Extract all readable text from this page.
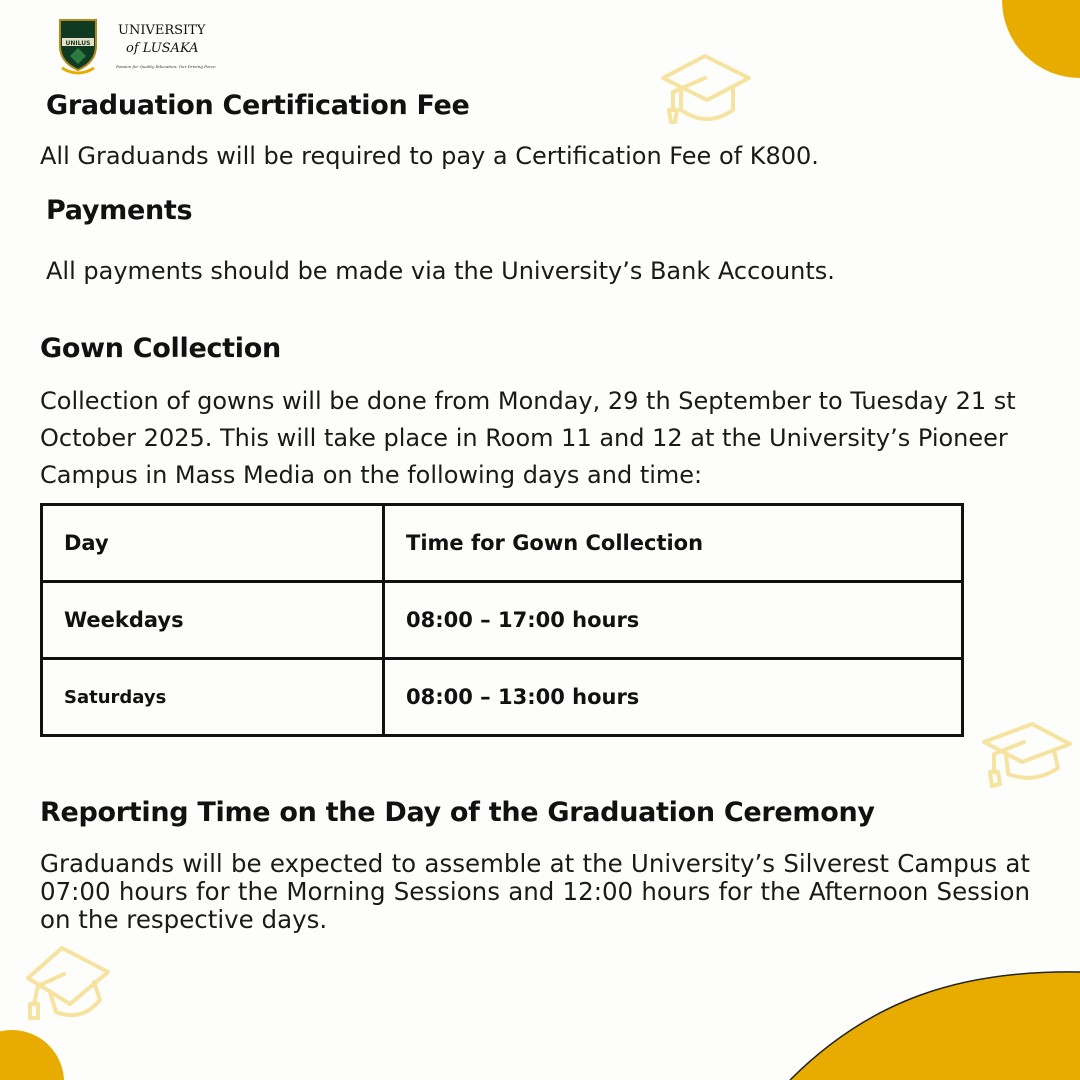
UNILUS
UNIVERSITY
of LUSAKA
Passion for Quality Education: Our Driving Force
Graduation Certification Fee
All Graduands will be required to pay a Certification Fee of K800.
Payments
All payments should be made via the University’s Bank Accounts.
Gown Collection
Collection of gowns will be done from Monday, 29 th September to Tuesday 21 st
October 2025. This will take place in Room 11 and 12 at the University’s Pioneer
Campus in Mass Media on the following days and time:
Day	Time for Gown Collection
Weekdays	08:00 – 17:00 hours
Saturdays	08:00 – 13:00 hours
Reporting Time on the Day of the Graduation Ceremony
Graduands will be expected to assemble at the University’s Silverest Campus at 07:00 hours for the Morning Sessions and 12:00 hours for the Afternoon Session on the respective days.
